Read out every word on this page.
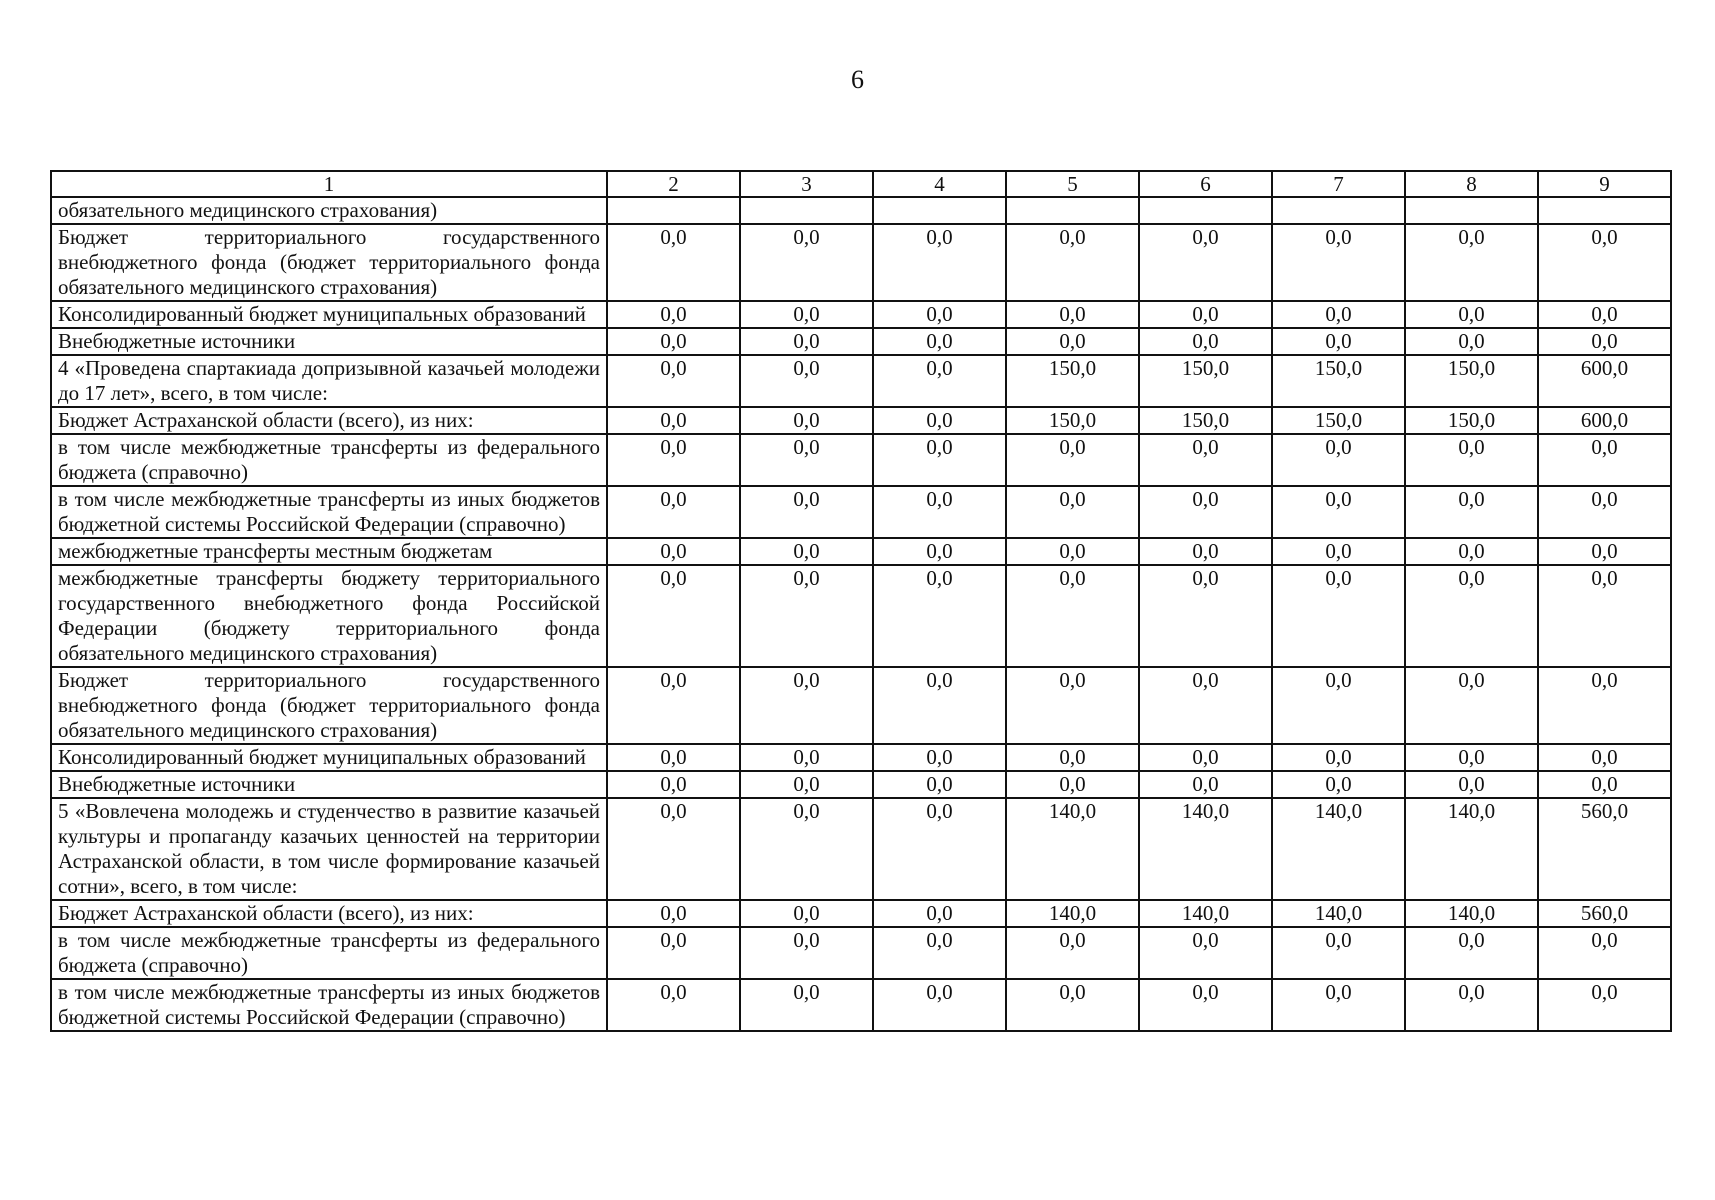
6
1	2	3	4	5	6	7	8	9
обязательного медицинского страхования)								
Бюджет территориального государственного внебюджетного фонда (бюджет территориального фонда обязательного медицинского страхования)	0,0	0,0	0,0	0,0	0,0	0,0	0,0	0,0
Консолидированный бюджет муниципальных образований	0,0	0,0	0,0	0,0	0,0	0,0	0,0	0,0
Внебюджетные источники	0,0	0,0	0,0	0,0	0,0	0,0	0,0	0,0
4 «Проведена спартакиада допризывной казачьей молодежи до 17 лет», всего, в том числе:	0,0	0,0	0,0	150,0	150,0	150,0	150,0	600,0
Бюджет Астраханской области (всего), из них:	0,0	0,0	0,0	150,0	150,0	150,0	150,0	600,0
в том числе межбюджетные трансферты из федерального бюджета (справочно)	0,0	0,0	0,0	0,0	0,0	0,0	0,0	0,0
в том числе межбюджетные трансферты из иных бюджетов бюджетной системы Российской Федерации (справочно)	0,0	0,0	0,0	0,0	0,0	0,0	0,0	0,0
межбюджетные трансферты местным бюджетам	0,0	0,0	0,0	0,0	0,0	0,0	0,0	0,0
межбюджетные трансферты бюджету территориального государственного внебюджетного фонда Российской Федерации (бюджету территориального фонда обязательного медицинского страхования)	0,0	0,0	0,0	0,0	0,0	0,0	0,0	0,0
Бюджет территориального государственного внебюджетного фонда (бюджет территориального фонда обязательного медицинского страхования)	0,0	0,0	0,0	0,0	0,0	0,0	0,0	0,0
Консолидированный бюджет муниципальных образований	0,0	0,0	0,0	0,0	0,0	0,0	0,0	0,0
Внебюджетные источники	0,0	0,0	0,0	0,0	0,0	0,0	0,0	0,0
5 «Вовлечена молодежь и студенчество в развитие казачьей культуры и пропаганду казачьих ценностей на территории Астраханской области, в том числе формирование казачьей сотни», всего, в том числе:	0,0	0,0	0,0	140,0	140,0	140,0	140,0	560,0
Бюджет Астраханской области (всего), из них:	0,0	0,0	0,0	140,0	140,0	140,0	140,0	560,0
в том числе межбюджетные трансферты из федерального бюджета (справочно)	0,0	0,0	0,0	0,0	0,0	0,0	0,0	0,0
в том числе межбюджетные трансферты из иных бюджетов бюджетной системы Российской Федерации (справочно)	0,0	0,0	0,0	0,0	0,0	0,0	0,0	0,0
